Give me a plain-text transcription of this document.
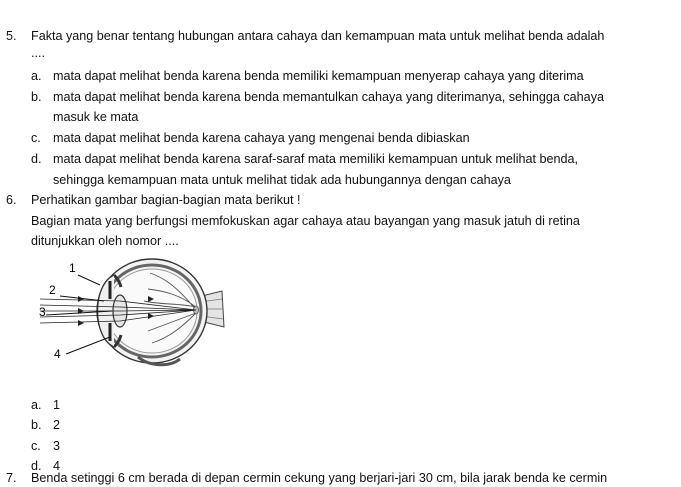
5. Fakta yang benar tentang hubungan antara cahaya dan kemampuan mata untuk melihat benda adalah
....
a. mata dapat melihat benda karena benda memiliki kemampuan menyerap cahaya yang diterima
b. mata dapat melihat benda karena benda memantulkan cahaya yang diterimanya, sehingga cahaya
masuk ke mata
c. mata dapat melihat benda karena cahaya yang mengenai benda dibiaskan
d. mata dapat melihat benda karena saraf-saraf mata memiliki kemampuan untuk melihat benda,
sehingga kemampuan mata untuk melihat tidak ada hubungannya dengan cahaya
6. Perhatikan gambar bagian-bagian mata berikut !
Bagian mata yang berfungsi memfokuskan agar cahaya atau bayangan yang masuk jatuh di retina
ditunjukkan oleh nomor ....
1
2
3
4
a. 1
b. 2
c. 3
d. 4
7. Benda setinggi 6 cm berada di depan cermin cekung yang berjari-jari 30 cm, bila jarak benda ke cermin
